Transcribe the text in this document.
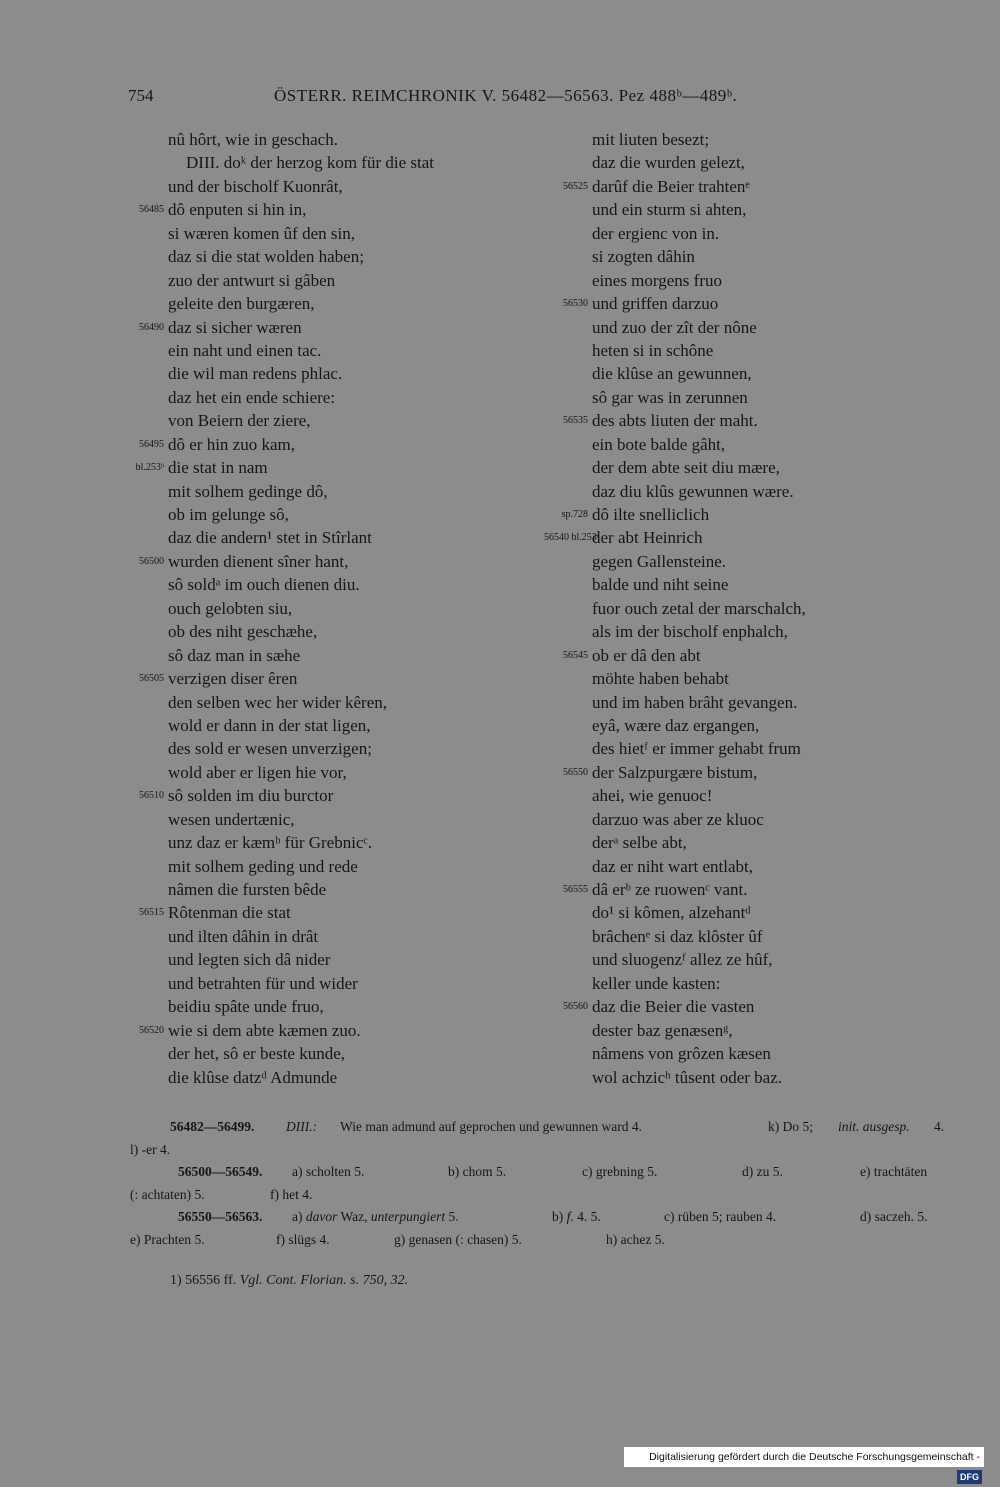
754	ÖSTERR. REIMCHRONIK V. 56482—56563. Pez 488ᵇ—489ᵇ.
nû hôrt, wie in geschach.
DIII. doᵏ der herzog kom für die stat
und der bischolf Kuonrât,
56485 dô enputen si hin in,
si wæren komen ûf den sin,
daz si die stat wolden haben;
zuo der antwurt si gâben
geleite den burgæren,
56490 daz si sicher wæren
ein naht und einen tac.
die wil man redens phlac.
daz het ein ende schiere:
von Beiern der ziere,
56495 dô er hin zuo kam,
bl.253ᵇ die stat in nam
mit solhem gedinge dô,
ob im gelunge sô,
daz die andern¹ stet in Stîrlant
56500 wurden dienent sîner hant,
sô soldᵃ im ouch dienen diu.
ouch gelobten siu,
ob des niht geschæhe,
sô daz man in sæhe
56505 verzigen diser êren
den selben wec her wider kêren,
wold er dann in der stat ligen,
des sold er wesen unverzigen;
wold aber er ligen hie vor,
56510 sô solden im diu burctor
wesen undertænic,
unz daz er kæmᵇ für Grebnicᶜ.
mit solhem geding und rede
nâmen die fursten bêde
56515 Rôtenman die stat
und ilten dâhin in drât
und legten sich dâ nider
und betrahten für und wider
beidiu spâte unde fruo,
56520 wie si dem abte kæmen zuo.
der het, sô er beste kunde,
die klûse datzᵈ Admunde
mit liuten besezt;
daz die wurden gelezt,
56525 darûf die Beier trahtenᵉ
und ein sturm si ahten,
der ergienc von in.
si zogten dâhin
eines morgens fruo
56530 und griffen darzuo
und zuo der zît der nône
heten si in schône
die klûse an gewunnen,
sô gar was in zerunnen
56535 des abts liuten der maht.
ein bote balde gâht,
der dem abte seit diu mære,
daz diu klûs gewunnen wære.
sp.728 dô ilte snelliclich
56540 bl.253ᶜ
der abt Heinrich
gegen Gallensteine.
balde und niht seine
fuor ouch zetal der marschalch,
als im der bischolf enphalch,
56545 ob er dâ den abt
möhte haben behabt
und im haben brâht gevangen.
eyâ, wære daz ergangen,
des hietᶠ er immer gehabt frum
56550 der Salzpurgære bistum,
ahei, wie genuoc!
darzuo was aber ze kluoc
derᵃ selbe abt,
daz er niht wart entlabt,
56555 dâ erᵇ ze ruowenᶜ vant.
do¹ si kômen, alzehantᵈ
brâchenᵉ si daz klôster ûf
und sluogenzᶠ allez ze hûf,
keller unde kasten:
56560 daz die Beier die vasten
dester baz genæsenᵍ,
nâmens von grôzen kæsen
wol achzicʰ tûsent oder baz.
56482—56499. DIII.: Wie man admund auf geprochen und gewunnen ward 4.	k) Do 5; init. ausgesp. 4.
l) -er 4.
56500—56549. a) scholten 5.	b) chom 5.	c) grebning 5.	d) zu 5.	e) trachtäten
(: achtaten) 5.	f) het 4.
56550—56563. a) davor Waz, unterpungiert 5.	b) f. 4. 5.	c) rüben 5; rauben 4.	d) saczeh. 5.
e) Prachten 5.	f) slügs 4.	g) genasen (: chasen) 5.	h) achez 5.
1) 56556 ff. Vgl. Cont. Florian. s. 750, 32.
Digitalisierung gefördert durch die Deutsche Forschungsgemeinschaft -DFG
